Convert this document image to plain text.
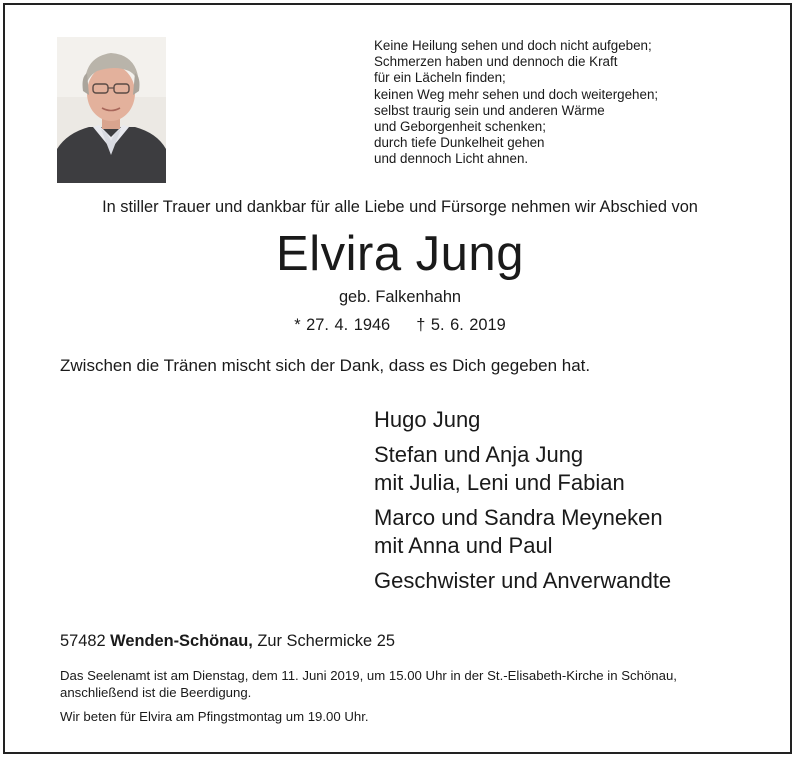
Keine Heilung sehen und doch nicht aufgeben;
Schmerzen haben und dennoch die Kraft
für ein Lächeln finden;
keinen Weg mehr sehen und doch weitergehen;
selbst traurig sein und anderen Wärme
und Geborgenheit schenken;
durch tiefe Dunkelheit gehen
und dennoch Licht ahnen.
In stiller Trauer und dankbar für alle Liebe und Fürsorge nehmen wir Abschied von
Elvira Jung
geb. Falkenhahn
* 27. 4. 1946 † 5. 6. 2019
Zwischen die Tränen mischt sich der Dank, dass es Dich gegeben hat.
Hugo Jung
Stefan und Anja Jung
mit Julia, Leni und Fabian
Marco und Sandra Meyneken
mit Anna und Paul
Geschwister und Anverwandte
57482 Wenden-Schönau, Zur Schermicke 25
Das Seelenamt ist am Dienstag, dem 11. Juni 2019, um 15.00 Uhr in der St.-Elisabeth-Kirche in Schönau, anschließend ist die Beerdigung.
Wir beten für Elvira am Pfingstmontag um 19.00 Uhr.
